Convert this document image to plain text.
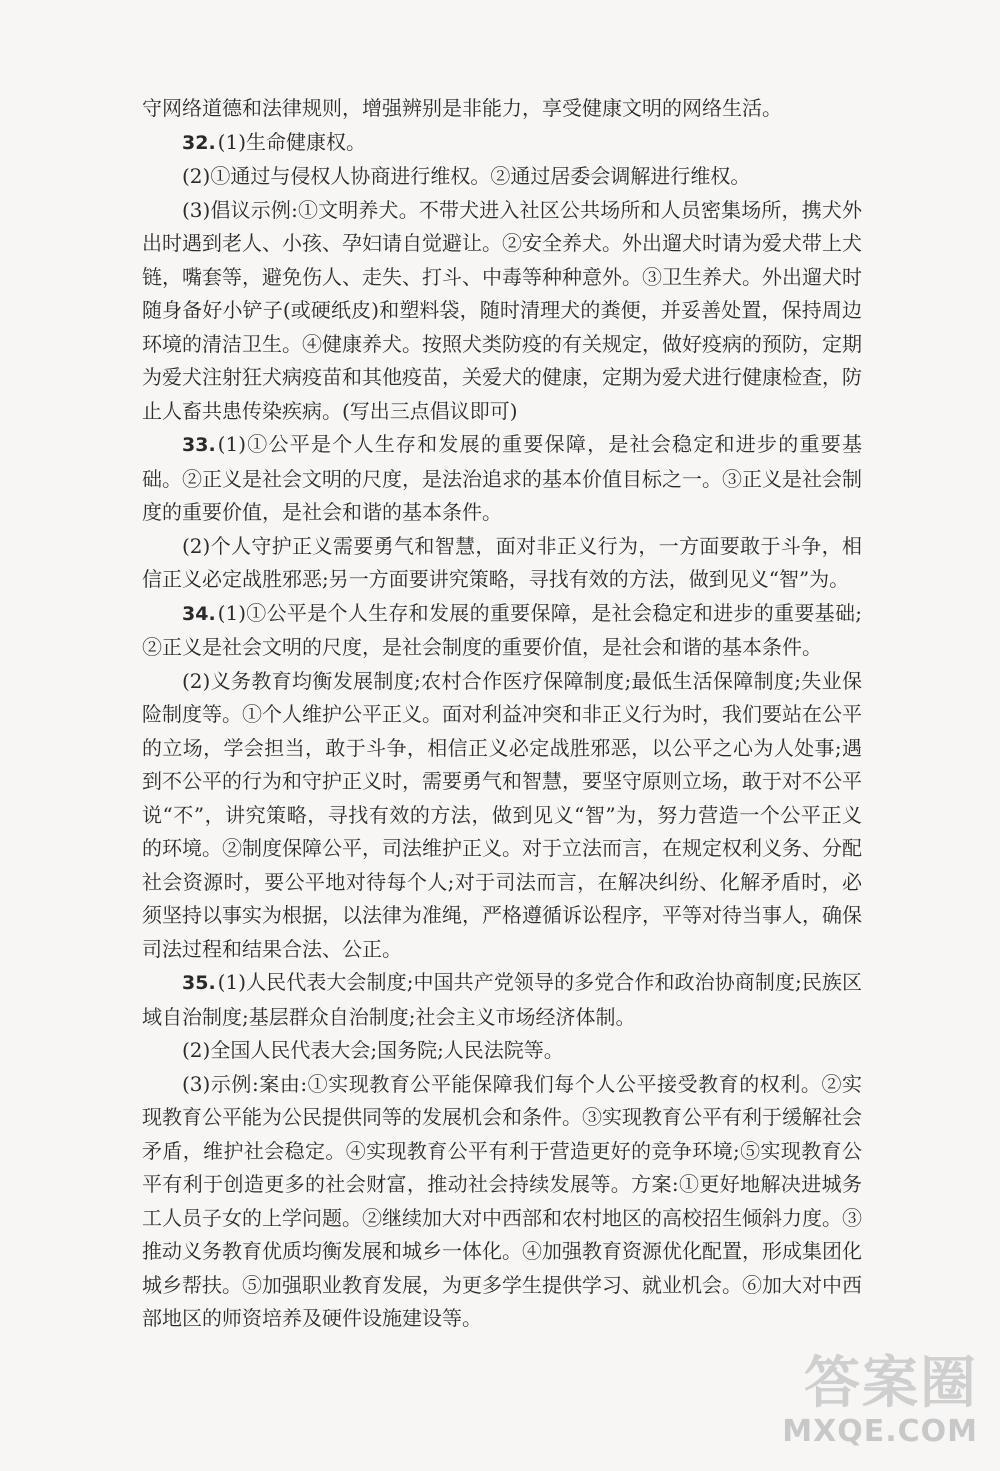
守网络道德和法律规则，增强辨别是非能力，享受健康文明的网络生活。

32. (1)生命健康权。

(2)①通过与侵权人协商进行维权。②通过居委会调解进行维权。

(3)倡议示例:①文明养犬。不带犬进入社区公共场所和人员密集场所，携犬外出时遇到老人、小孩、孕妇请自觉避让。②安全养犬。外出遛犬时请为爱犬带上犬链，嘴套等，避免伤人、走失、打斗、中毒等种种意外。③卫生养犬。外出遛犬时随身备好小铲子(或硬纸皮)和塑料袋，随时清理犬的粪便，并妥善处置，保持周边环境的清洁卫生。④健康养犬。按照犬类防疫的有关规定，做好疫病的预防，定期为爱犬注射狂犬病疫苗和其他疫苗，关爱犬的健康，定期为爱犬进行健康检查，防止人畜共患传染疾病。(写出三点倡议即可)

33. (1)①公平是个人生存和发展的重要保障，是社会稳定和进步的重要基础。②正义是社会文明的尺度，是法治追求的基本价值目标之一。③正义是社会制度的重要价值，是社会和谐的基本条件。

(2)个人守护正义需要勇气和智慧，面对非正义行为，一方面要敢于斗争，相信正义必定战胜邪恶;另一方面要讲究策略，寻找有效的方法，做到见义“智”为。

34. (1)①公平是个人生存和发展的重要保障，是社会稳定和进步的重要基础;②正义是社会文明的尺度，是社会制度的重要价值，是社会和谐的基本条件。

(2)义务教育均衡发展制度;农村合作医疗保障制度;最低生活保障制度;失业保险制度等。①个人维护公平正义。面对利益冲突和非正义行为时，我们要站在公平的立场，学会担当，敢于斗争，相信正义必定战胜邪恶，以公平之心为人处事;遇到不公平的行为和守护正义时，需要勇气和智慧，要坚守原则立场，敢于对不公平说“不”，讲究策略，寻找有效的方法，做到见义“智”为，努力营造一个公平正义的环境。②制度保障公平，司法维护正义。对于立法而言，在规定权利义务、分配社会资源时，要公平地对待每个人;对于司法而言，在解决纠纷、化解矛盾时，必须坚持以事实为根据，以法律为准绳，严格遵循诉讼程序，平等对待当事人，确保司法过程和结果合法、公正。

35. (1)人民代表大会制度;中国共产党领导的多党合作和政治协商制度;民族区域自治制度;基层群众自治制度;社会主义市场经济体制。

(2)全国人民代表大会;国务院;人民法院等。

(3)示例:案由:①实现教育公平能保障我们每个人公平接受教育的权利。②实现教育公平能为公民提供同等的发展机会和条件。③实现教育公平有利于缓解社会矛盾，维护社会稳定。④实现教育公平有利于营造更好的竞争环境;⑤实现教育公平有利于创造更多的社会财富，推动社会持续发展等。方案:①更好地解决进城务工人员子女的上学问题。②继续加大对中西部和农村地区的高校招生倾斜力度。③推动义务教育优质均衡发展和城乡一体化。④加强教育资源优化配置，形成集团化城乡帮扶。⑤加强职业教育发展，为更多学生提供学习、就业机会。⑥加大对中西部地区的师资培养及硬件设施建设等。

答案圈
MXQE.COM
